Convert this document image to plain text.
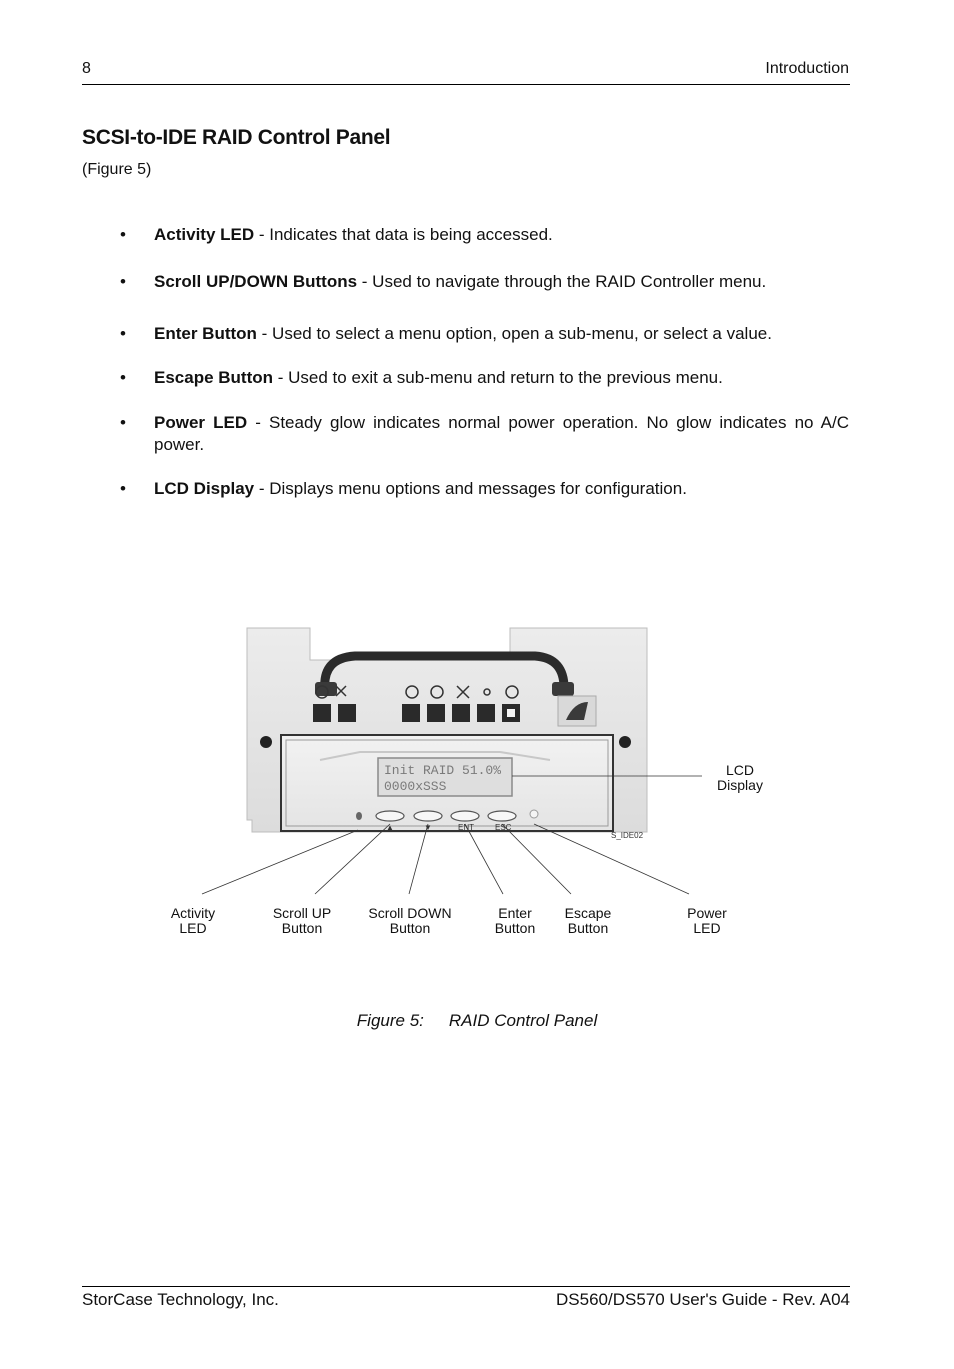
8	Introduction
SCSI-to-IDE RAID Control Panel
(Figure 5)
•	Activity LED - Indicates that data is being accessed.
•	Scroll UP/DOWN Buttons - Used to navigate through the RAID Controller menu.
•	Enter Button - Used to select a menu option, open a sub-menu, or select a value.
•	Escape Button - Used to exit a sub-menu and return to the previous menu.
•	Power LED - Steady glow indicates normal power operation. No glow indicates no A/C power.
•	LCD Display - Displays menu options and messages for configuration.
Init RAID 51.0%
0000xSSS
▲	▼	ENT	ESC
S_IDE02
LCD
Display
Activity
LED
Scroll UP
Button
Scroll DOWN
Button
Enter
Button
Escape
Button
Power
LED
Figure 5: RAID Control Panel
StorCase Technology, Inc.	DS560/DS570 User's Guide - Rev. A04
